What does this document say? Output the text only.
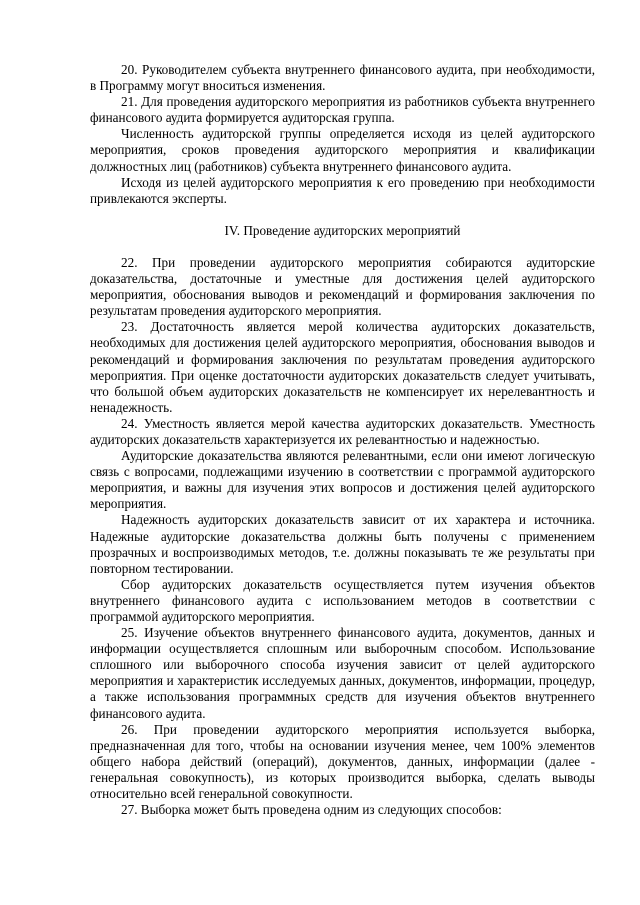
20. Руководителем субъекта внутреннего финансового аудита, при необходимости, в Программу могут вноситься изменения.

21. Для проведения аудиторского мероприятия из работников субъекта внутреннего финансового аудита формируется аудиторская группа.

Численность аудиторской группы определяется исходя из целей аудиторского мероприятия, сроков проведения аудиторского мероприятия и квалификации должностных лиц (работников) субъекта внутреннего финансового аудита.

Исходя из целей аудиторского мероприятия к его проведению при необходимости привлекаются эксперты.

IV. Проведение аудиторских мероприятий

22. При проведении аудиторского мероприятия собираются аудиторские доказательства, достаточные и уместные для достижения целей аудиторского мероприятия, обоснования выводов и рекомендаций и формирования заключения по результатам проведения аудиторского мероприятия.

23. Достаточность является мерой количества аудиторских доказательств, необходимых для достижения целей аудиторского мероприятия, обоснования выводов и рекомендаций и формирования заключения по результатам проведения аудиторского мероприятия. При оценке достаточности аудиторских доказательств следует учитывать, что большой объем аудиторских доказательств не компенсирует их нерелевантность и ненадежность.

24. Уместность является мерой качества аудиторских доказательств. Уместность аудиторских доказательств характеризуется их релевантностью и надежностью.

Аудиторские доказательства являются релевантными, если они имеют логическую связь с вопросами, подлежащими изучению в соответствии с программой аудиторского мероприятия, и важны для изучения этих вопросов и достижения целей аудиторского мероприятия.

Надежность аудиторских доказательств зависит от их характера и источника. Надежные аудиторские доказательства должны быть получены с применением прозрачных и воспроизводимых методов, т.е. должны показывать те же результаты при повторном тестировании.

Сбор аудиторских доказательств осуществляется путем изучения объектов внутреннего финансового аудита с использованием методов в соответствии с программой аудиторского мероприятия.

25. Изучение объектов внутреннего финансового аудита, документов, данных и информации осуществляется сплошным или выборочным способом. Использование сплошного или выборочного способа изучения зависит от целей аудиторского мероприятия и характеристик исследуемых данных, документов, информации, процедур, а также использования программных средств для изучения объектов внутреннего финансового аудита.

26. При проведении аудиторского мероприятия используется выборка, предназначенная для того, чтобы на основании изучения менее, чем 100% элементов общего набора действий (операций), документов, данных, информации (далее - генеральная совокупность), из которых производится выборка, сделать выводы относительно всей генеральной совокупности.

27. Выборка может быть проведена одним из следующих способов:
